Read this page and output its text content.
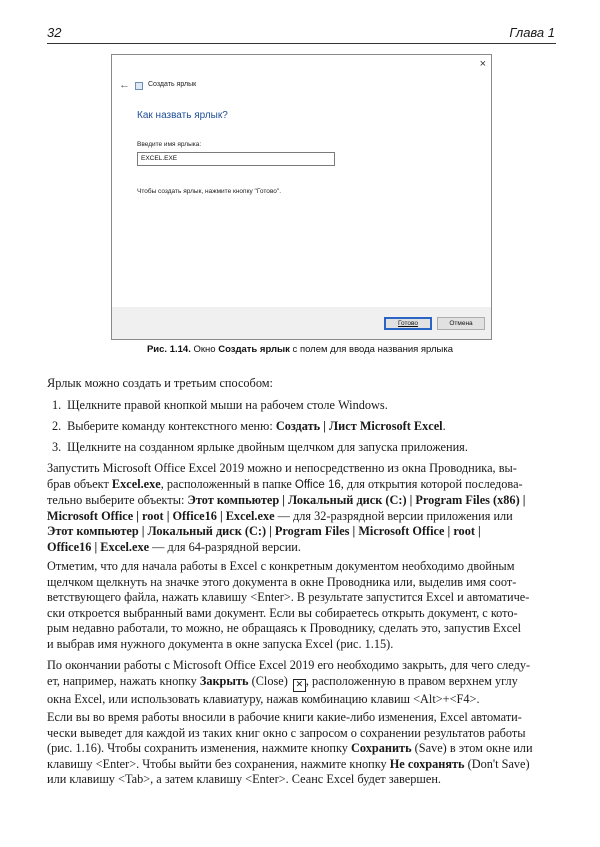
32	Глава 1
×
←	Создать ярлык
Как назвать ярлык?
Введите имя ярлыка:
EXCEL.EXE
Чтобы создать ярлык, нажмите кнопку "Готово".
Готово	Отмена
Рис. 1.14. Окно Создать ярлык с полем для ввода названия ярлыка

Ярлык можно создать и третьим способом:

1. Щелкните правой кнопкой мыши на рабочем столе Windows.
2. Выберите команду контекстного меню: Создать | Лист Microsoft Excel.
3. Щелкните на созданном ярлыке двойным щелчком для запуска приложения.

Запустить Microsoft Office Excel 2019 можно и непосредственно из окна Проводника, вы-

брав объект Excel.exe, расположенный в папке Office 16, для открытия которой последова-

тельно выберите объекты: Этот компьютер | Локальный диск (C:) | Program Files (x86) |

Microsoft Office | root | Office16 | Excel.exe — для 32-разрядной версии приложения или

Этот компьютер | Локальный диск (C:) | Program Files | Microsoft Office | root |

Office16 | Excel.exe — для 64-разрядной версии.

Отметим, что для начала работы в Excel с конкретным документом необходимо двойным

щелчком щелкнуть на значке этого документа в окне Проводника или, выделив имя соот-

ветствующего файла, нажать клавишу <Enter>. В результате запустится Excel и автоматиче-

ски откроется выбранный вами документ. Если вы собираетесь открыть документ, с кото-

рым недавно работали, то можно, не обращаясь к Проводнику, сделать это, запустив Excel

и выбрав имя нужного документа в окне запуска Excel (рис. 1.15).

По окончании работы с Microsoft Office Excel 2019 его необходимо закрыть, для чего следу-

ет, например, нажать кнопку Закрыть (Close) ✕ , расположенную в правом верхнем углу

окна Excel, или использовать клавиатуру, нажав комбинацию клавиш <Alt>+<F4>.

Если вы во время работы вносили в рабочие книги какие-либо изменения, Excel автомати-

чески выведет для каждой из таких книг окно с запросом о сохранении результатов работы

(рис. 1.16). Чтобы сохранить изменения, нажмите кнопку Сохранить (Save) в этом окне или

клавишу <Enter>. Чтобы выйти без сохранения, нажмите кнопку Не сохранять (Don't Save)

или клавишу <Tab>, а затем клавишу <Enter>. Сеанс Excel будет завершен.
